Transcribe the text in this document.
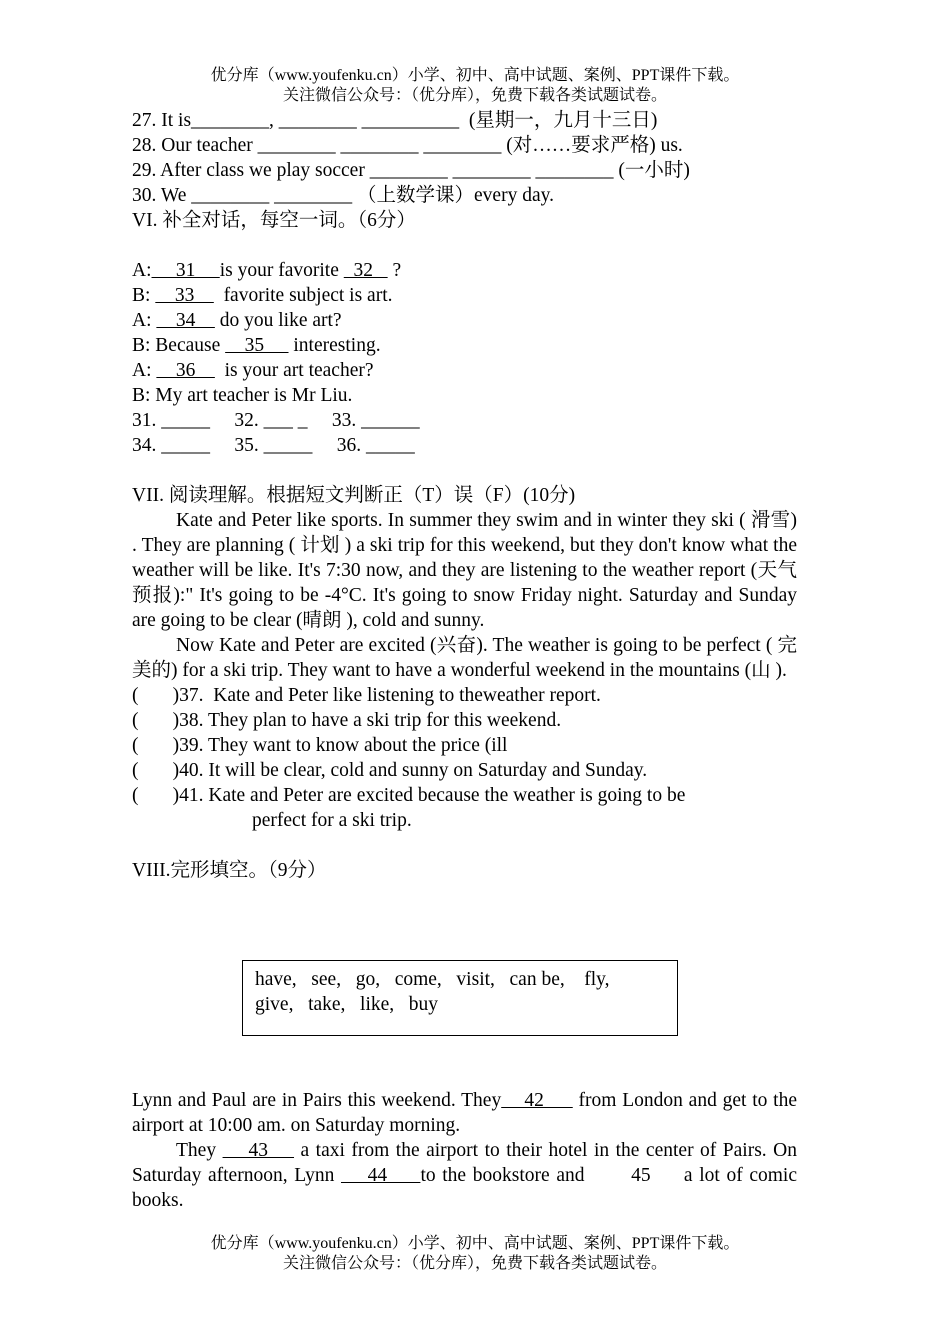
优分库（www.youfenku.cn）小学、初中、高中试题、案例、PPT课件下载。
关注微信公众号：（优分库），免费下载各类试题试卷。
27. It is________, ________ __________  (星期一，九月十三日)
28. Our teacher ________ ________ ________ (对……要求严格) us.
29. After class we play soccer ________ ________ ________ (一小时)
30. We ________ ________ （上数学课）every day.
VI. 补全对话，每空一词。（6分）
A:     31     is your favorite   32    ?
B:     33      favorite subject is art.
A:     34     do you like art?
B: Because     35      interesting.
A:     36      is your art teacher?
B: My art teacher is Mr Liu.
31. _____     32. ___ _     33. ______
34. _____     35. _____     36. _____
VII. 阅读理解。根据短文判断正（T）误（F）(10分)
Kate and Peter like sports. In summer they swim and in winter they ski ( 滑雪) . They are planning ( 计划 ) a ski trip for this weekend, but they don't know what the weather will be like. It's 7:30 now, and they are listening to the weather report (天气预报):" It's going to be -4°C. It's going to snow Friday night. Saturday and Sunday are going to be clear (晴朗 ), cold and sunny.
Now Kate and Peter are excited (兴奋). The weather is going to be perfect ( 完美的) for a ski trip. They want to have a wonderful weekend in the mountains (山 ).
(       )37.  Kate and Peter like listening to theweather report.
(       )38. They plan to have a ski trip for this weekend.
(       )39. They want to know about the price (ill
(       )40. It will be clear, cold and sunny on Saturday and Sunday.
(       )41. Kate and Peter are excited because the weather is going to be
perfect for a ski trip.
VIII.完形填空。（9分）
have,   see,   go,   come,   visit,   can be,    fly,
give,   take,   like,   buy
Lynn and Paul are in Pairs this weekend. They    42      from London and get to the airport at 10:00 am. on Saturday morning.
They     43     a taxi from the airport to their hotel in the center of Pairs. On Saturday afternoon, Lynn     44     to the bookstore and       45     a lot of comic books.
优分库（www.youfenku.cn）小学、初中、高中试题、案例、PPT课件下载。
关注微信公众号：（优分库），免费下载各类试题试卷。
